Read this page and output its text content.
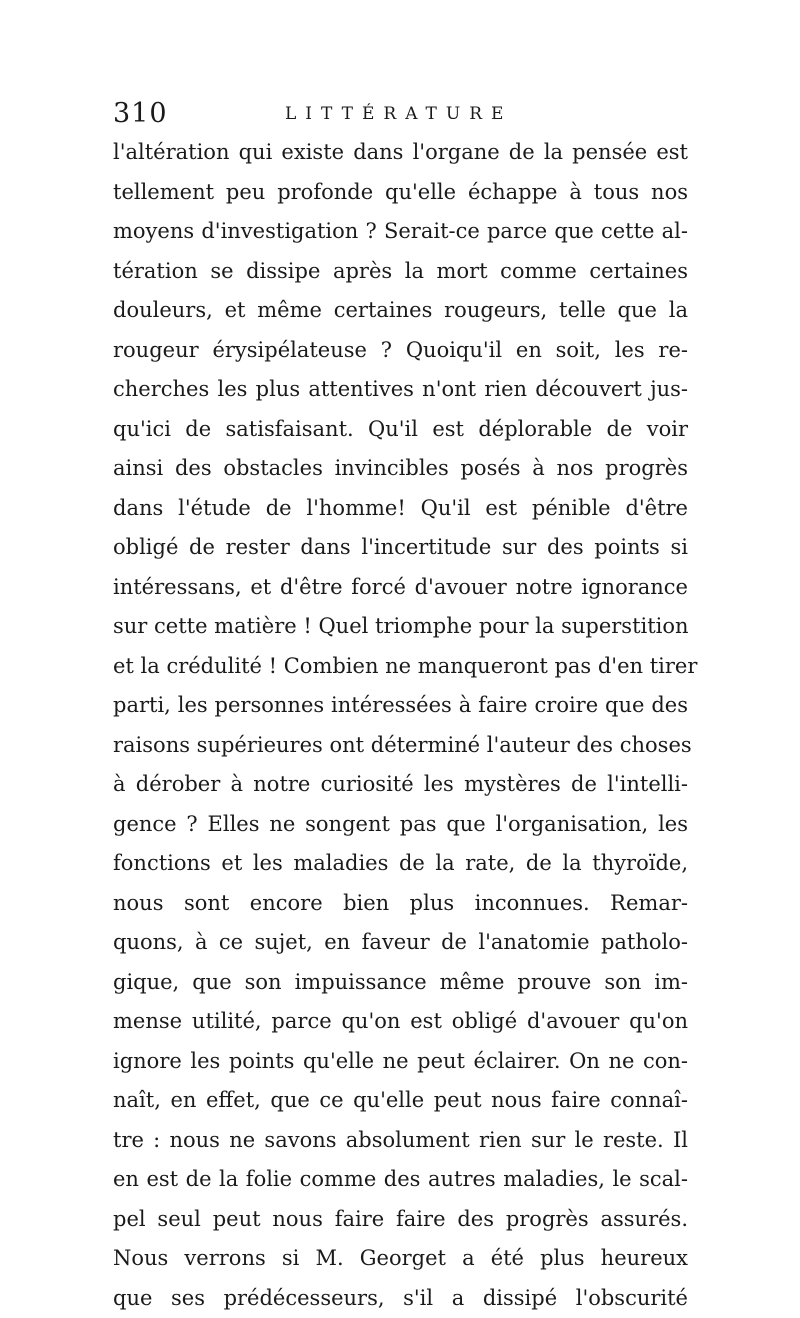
310	LITTÉRATURE
l'altération qui existe dans l'organe de la pensée est
tellement peu profonde qu'elle échappe à tous nos
moyens d'investigation ? Serait-ce parce que cette al-
tération se dissipe après la mort comme certaines
douleurs, et même certaines rougeurs, telle que la
rougeur érysipélateuse ? Quoiqu'il en soit, les re-
cherches les plus attentives n'ont rien découvert jus-
qu'ici de satisfaisant. Qu'il est déplorable de voir
ainsi des obstacles invincibles posés à nos progrès
dans l'étude de l'homme! Qu'il est pénible d'être
obligé de rester dans l'incertitude sur des points si
intéressans, et d'être forcé d'avouer notre ignorance
sur cette matière ! Quel triomphe pour la superstition
et la crédulité ! Combien ne manqueront pas d'en tirer
parti, les personnes intéressées à faire croire que des
raisons supérieures ont déterminé l'auteur des choses
à dérober à notre curiosité les mystères de l'intelli-
gence ? Elles ne songent pas que l'organisation, les
fonctions et les maladies de la rate, de la thyroïde,
nous sont encore bien plus inconnues. Remar-
quons, à ce sujet, en faveur de l'anatomie patholo-
gique, que son impuissance même prouve son im-
mense utilité, parce qu'on est obligé d'avouer qu'on
ignore les points qu'elle ne peut éclairer. On ne con-
naît, en effet, que ce qu'elle peut nous faire connaî-
tre : nous ne savons absolument rien sur le reste. Il
en est de la folie comme des autres maladies, le scal-
pel seul peut nous faire faire des progrès assurés.
Nous verrons si M. Georget a été plus heureux
que ses prédécesseurs, s'il a dissipé l'obscurité
